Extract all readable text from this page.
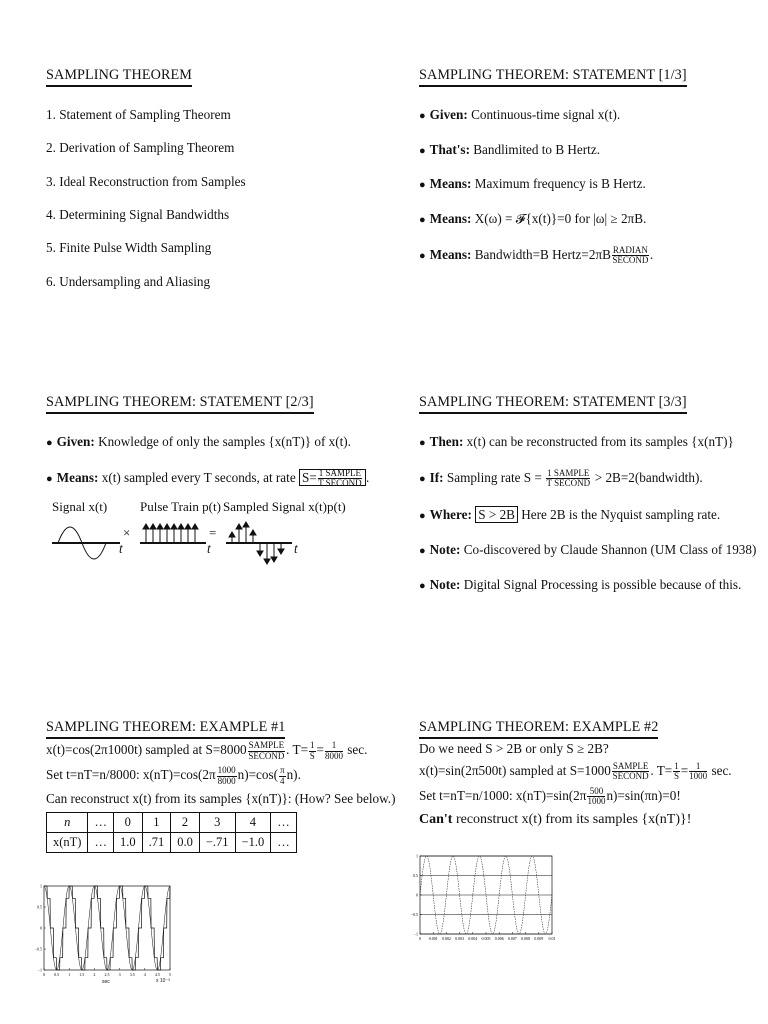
SAMPLING THEOREM
1. Statement of Sampling Theorem
2. Derivation of Sampling Theorem
3. Ideal Reconstruction from Samples
4. Determining Signal Bandwidths
5. Finite Pulse Width Sampling
6. Undersampling and Aliasing
SAMPLING THEOREM: STATEMENT [1/3]
● Given: Continuous-time signal x(t).
● That's: Bandlimited to B Hertz.
● Means: Maximum frequency is B Hertz.
● Means: X(ω) = 𝓕{x(t)}=0 for |ω| ≥ 2πB.
● Means: Bandwidth=B Hertz=2πB $\frac{\text{RADIAN}}{\text{SECOND}}$ .
SAMPLING THEOREM: STATEMENT [2/3]
● Given: Knowledge of only the samples {x(nT)} of x(t).
● Means: x(t) sampled every T seconds, at rate $S= \frac{\text{1 SAMPLE}}{\text{T SECOND}}$ .
Signal x(t)	Pulse Train p(t) Sampled Signal x(t)p(t)
×	=
t	t	t
SAMPLING THEOREM: STATEMENT [3/3]
● Then: x(t) can be reconstructed from its samples {x(nT)}
● If: Sampling rate $S = \frac{\text{1 SAMPLE}}{\text{T SECOND}}$ > 2B=2(bandwidth).
● Where: S > 2B Here 2B is the Nyquist sampling rate.
● Note: Co-discovered by Claude Shannon (UM Class of 1938)
● Note: Digital Signal Processing is possible because of this.
SAMPLING THEOREM: EXAMPLE #1
x(t)=cos(2π1000t) sampled at $S=8000 \frac{\text{SAMPLE}}{\text{SECOND}}$ . $T= \frac{1}{S} = \frac{1}{8000} \sec$.
Set t=nT=n/8000: $x(nT)=\cos(2\pi \frac{1000}{8000} n)=\cos( \frac{\pi}{4} n)$.
Can reconstruct x(t) from its samples {x(nT)}: (How? See below.)
n	…	0	1	2	3	4	…
x(nT)	…	1.0	.71	0.0	−.71	−1.0	…
1
0.5
0
−0.5
−1
0 0.5 1 1.5 2 2.5 3 3.5 4 4.5 5
sec	x 10⁻³
SAMPLING THEOREM: EXAMPLE #2
Do we need S > 2B or only S ≥ 2B?
x(t)=sin(2π500t) sampled at $S=1000 \frac{\text{SAMPLE}}{\text{SECOND}}$ . $T= \frac{1}{S} = \frac{1}{1000} \sec$.
Set t=nT=n/1000: $x(nT)=\sin(2\pi \frac{500}{1000} n)=\sin(\pi n)=0$!
Can't reconstruct x(t) from its samples {x(nT)}!
1
0.5
0
−0.5
−1
0 0.001 0.002 0.003 0.004 0.005 0.006 0.007 0.008 0.009 0.01
